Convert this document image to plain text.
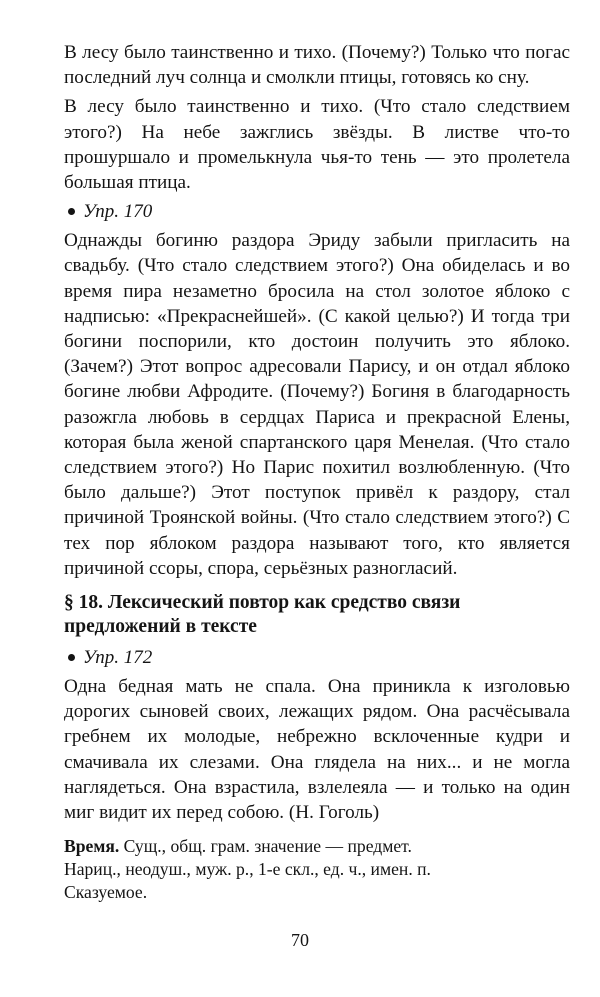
В лесу было таинственно и тихо. (Почему?) Только что погас последний луч солнца и смолкли птицы, готовясь ко сну.

В лесу было таинственно и тихо. (Что стало следствием этого?) На небе зажглись звёзды. В листве что-то прошуршало и промелькнула чья-то тень — это пролетела большая птица.

Упр. 170

Однажды богиню раздора Эриду забыли пригласить на свадьбу. (Что стало следствием этого?) Она обиделась и во время пира незаметно бросила на стол золотое яблоко с надписью: «Прекраснейшей». (С какой целью?) И тогда три богини поспорили, кто достоин получить это яблоко. (Зачем?) Этот вопрос адресовали Парису, и он отдал яблоко богине любви Афродите. (Почему?) Богиня в благодарность разожгла любовь в сердцах Париса и прекрасной Елены, которая была женой спартанского царя Менелая. (Что стало следствием этого?) Но Парис похитил возлюбленную. (Что было дальше?) Этот поступок привёл к раздору, стал причиной Троянской войны. (Что стало следствием этого?) С тех пор яблоком раздора называют того, кто является причиной ссоры, спора, серьёзных разногласий.

§ 18. Лексический повтор как средство связи предложений в тексте
Упр. 172

Одна бедная мать не спала. Она приникла к изголовью дорогих сыновей своих, лежащих рядом. Она расчёсывала гребнем их молодые, небрежно всклоченные кудри и смачивала их слезами. Она глядела на них... и не могла наглядеться. Она взрастила, взлелеяла — и только на один миг видит их перед собою. (Н. Гоголь)

Время. Сущ., общ. грам. значение — предмет.
Нариц., неодуш., муж. р., 1-е скл., ед. ч., имен. п.
Сказуемое.
70
